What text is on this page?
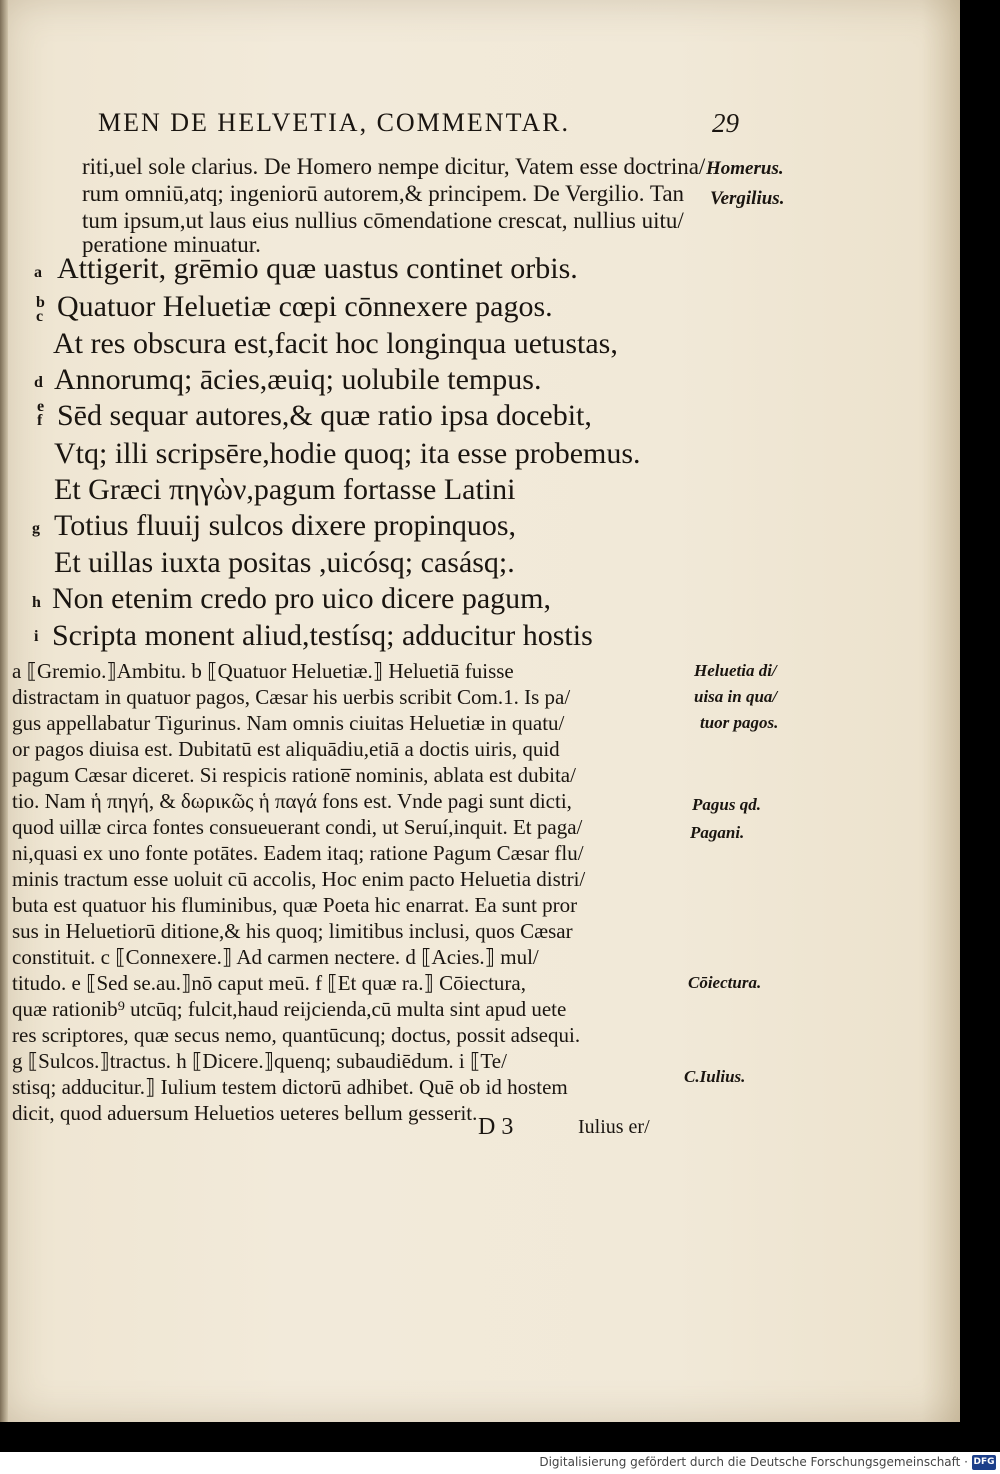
MEN DE HELVETIA, COMMENTAR.	29
riti,uel sole clarius. De Homero nempe dicitur, Vatem esse doctrina/
rum omniū,atq; ingeniorū autorem,& principem. De Vergilio. Tan
tum ipsum,ut laus eius nullius cōmendatione crescat, nullius uitu/
peratione minuatur.
Homerus.
Vergilius.
a Attigerit, grēmio quæ uastus continet orbis.
b c Quatuor Heluetiæ cœpi cōnnexere pagos.
At res obscura est,facit hoc longinqua uetustas,
d Annorumq; ācies,æuiq; uolubile tempus.
e f Sēd sequar autores,& quæ ratio ipsa docebit,
Vtq; illi scripsēre,hodie quoq; ita esse probemus.
Et Græci πηγὼν,pagum fortasse Latini
g Totius fluuij sulcos dixere propinquos,
Et uillas iuxta positas ,uicósq; casásq;.
h Non etenim credo pro uico dicere pagum,
i Scripta monent aliud,testísq; adducitur hostis
a ⟦Gremio.⟧Ambitu. b ⟦Quatuor Heluetiæ.⟧ Heluetiā fuisse
distractam in quatuor pagos, Cæsar his uerbis scribit Com.1. Is pa/
gus appellabatur Tigurinus. Nam omnis ciuitas Heluetiæ in quatu/
or pagos diuisa est. Dubitatū est aliquādiu,etiā a doctis uiris, quid
pagum Cæsar diceret. Si respicis ratione̅ nominis, ablata est dubita/
tio. Nam ἡ πηγή, & δωρικῶς ἡ παγά fons est. Vnde pagi sunt dicti,
quod uillæ circa fontes consueuerant condi, ut Seruí,inquit. Et paga/
ni,quasi ex uno fonte potātes. Eadem itaq; ratione Pagum Cæsar flu/
minis tractum esse uoluit cū accolis, Hoc enim pacto Heluetia distri/
buta est quatuor his fluminibus, quæ Poeta hic enarrat. Ea sunt pror
sus in Heluetiorū ditione,& his quoq; limitibus inclusi, quos Cæsar
constituit. c ⟦Connexere.⟧ Ad carmen nectere. d ⟦Acies.⟧ mul/
titudo. e ⟦Sed se.au.⟧nō caput meū. f ⟦Et quæ ra.⟧ Cōiectura,
quæ rationib⁹ utcūq; fulcit,haud reijcienda,cū multa sint apud uete
res scriptores, quæ secus nemo, quantūcunq; doctus, possit adsequi.
g ⟦Sulcos.⟧tractus. h ⟦Dicere.⟧quenq; subaudiēdum. i ⟦Te/
stisq; adducitur.⟧ Iulium testem dictorū adhibet. Quē ob id hostem
dicit, quod aduersum Heluetios ueteres bellum gesserit.
Heluetia di/
uisa in qua/
tuor pagos.
Pagus qd.
Pagani.
Cōiectura.
C.Iulius.
D 3	Iulius er/
Digitalisierung gefördert durch die Deutsche Forschungsgemeinschaft · DFG
